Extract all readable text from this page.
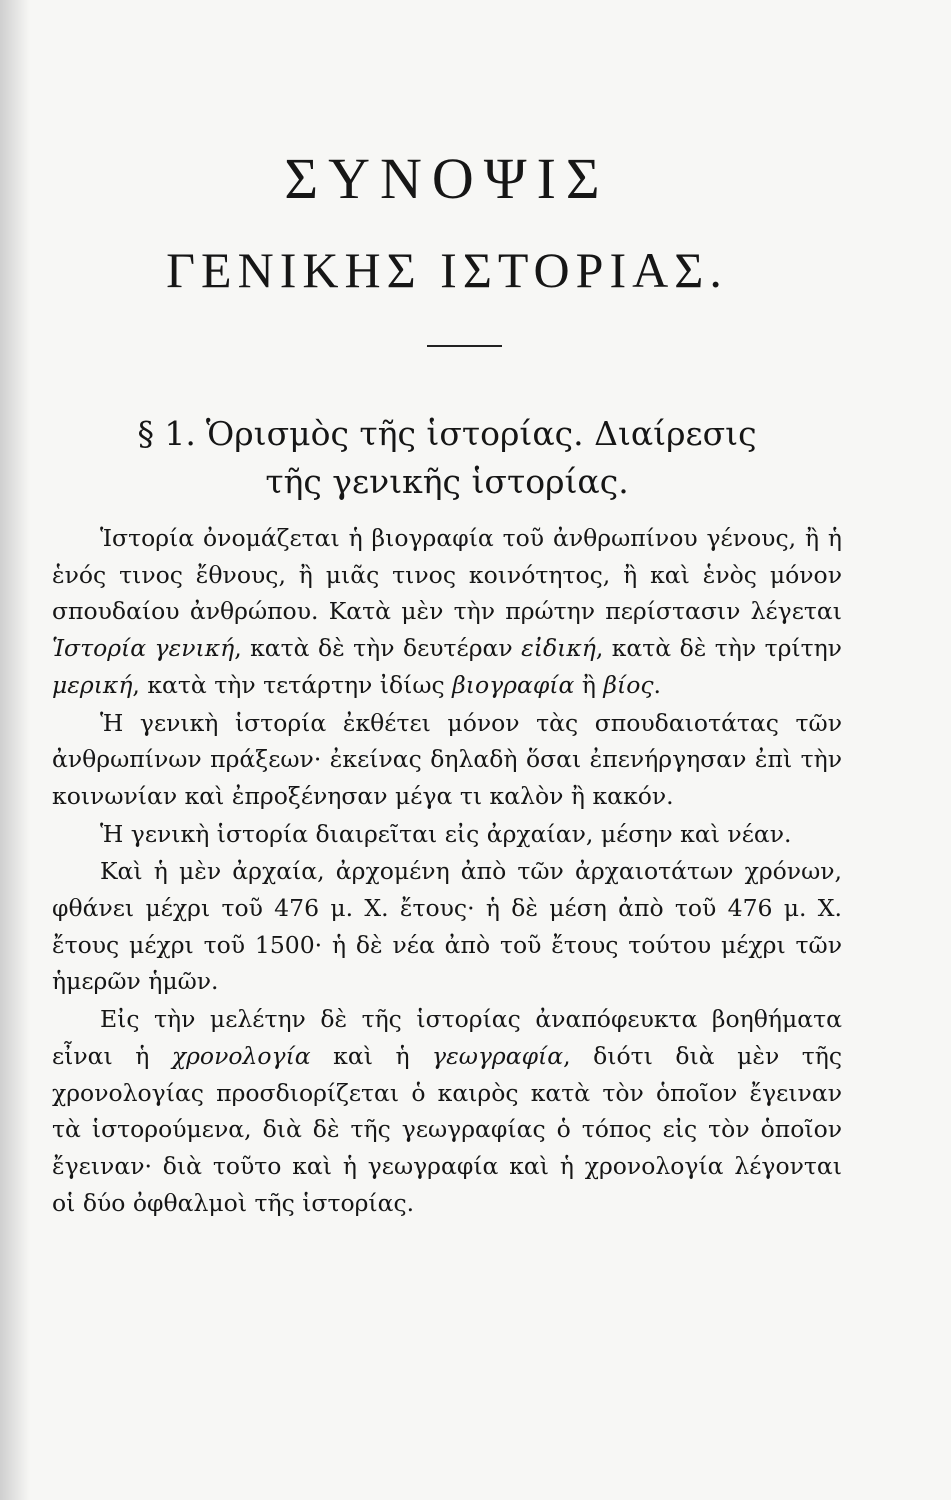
ΣΥΝΟΨΙΣ
ΓΕΝΙΚΗΣ ΙΣΤΟΡΙΑΣ.
§ 1. Ὁρισμὸς τῆς ἱστορίας. Διαίρεσις
τῆς γενικῆς ἱστορίας.

Ἱστορία ὀνομάζεται ἡ βιογραφία τοῦ ἀνθρωπίνου γένους, ἢ ἡ ἑνός τινος ἔθνους, ἢ μιᾶς τινος κοινότητος, ἢ καὶ ἑνὸς μόνον σπουδαίου ἀνθρώπου. Κατὰ μὲν τὴν πρώτην περίστασιν λέγεται Ἱστορία γενική, κατὰ δὲ τὴν δευτέραν εἰδική, κατὰ δὲ τὴν τρίτην μερική, κατὰ τὴν τετάρτην ἰδίως βιογραφία ἢ βίος.

Ἡ γενικὴ ἱστορία ἐκθέτει μόνον τὰς σπουδαιοτάτας τῶν ἀνθρωπίνων πράξεων· ἐκείνας δηλαδὴ ὅσαι ἐπενήργησαν ἐπὶ τὴν κοινωνίαν καὶ ἐπροξένησαν μέγα τι καλὸν ἢ κακόν.

Ἡ γενικὴ ἱστορία διαιρεῖται εἰς ἀρχαίαν, μέσην καὶ νέαν.

Καὶ ἡ μὲν ἀρχαία, ἀρχομένη ἀπὸ τῶν ἀρχαιοτάτων χρόνων, φθάνει μέχρι τοῦ 476 μ. Χ. ἔτους· ἡ δὲ μέση ἀπὸ τοῦ 476 μ. Χ. ἔτους μέχρι τοῦ 1500· ἡ δὲ νέα ἀπὸ τοῦ ἔτους τούτου μέχρι τῶν ἡμερῶν ἡμῶν.

Εἰς τὴν μελέτην δὲ τῆς ἱστορίας ἀναπόφευκτα βοηθήματα εἶναι ἡ χρονολογία καὶ ἡ γεωγραφία, διότι διὰ μὲν τῆς χρονολογίας προσδιορίζεται ὁ καιρὸς κατὰ τὸν ὁποῖον ἔγειναν τὰ ἱστορούμενα, διὰ δὲ τῆς γεωγραφίας ὁ τόπος εἰς τὸν ὁποῖον ἔγειναν· διὰ τοῦτο καὶ ἡ γεωγραφία καὶ ἡ χρονολογία λέγονται οἱ δύο ὀφθαλμοὶ τῆς ἱστορίας.
